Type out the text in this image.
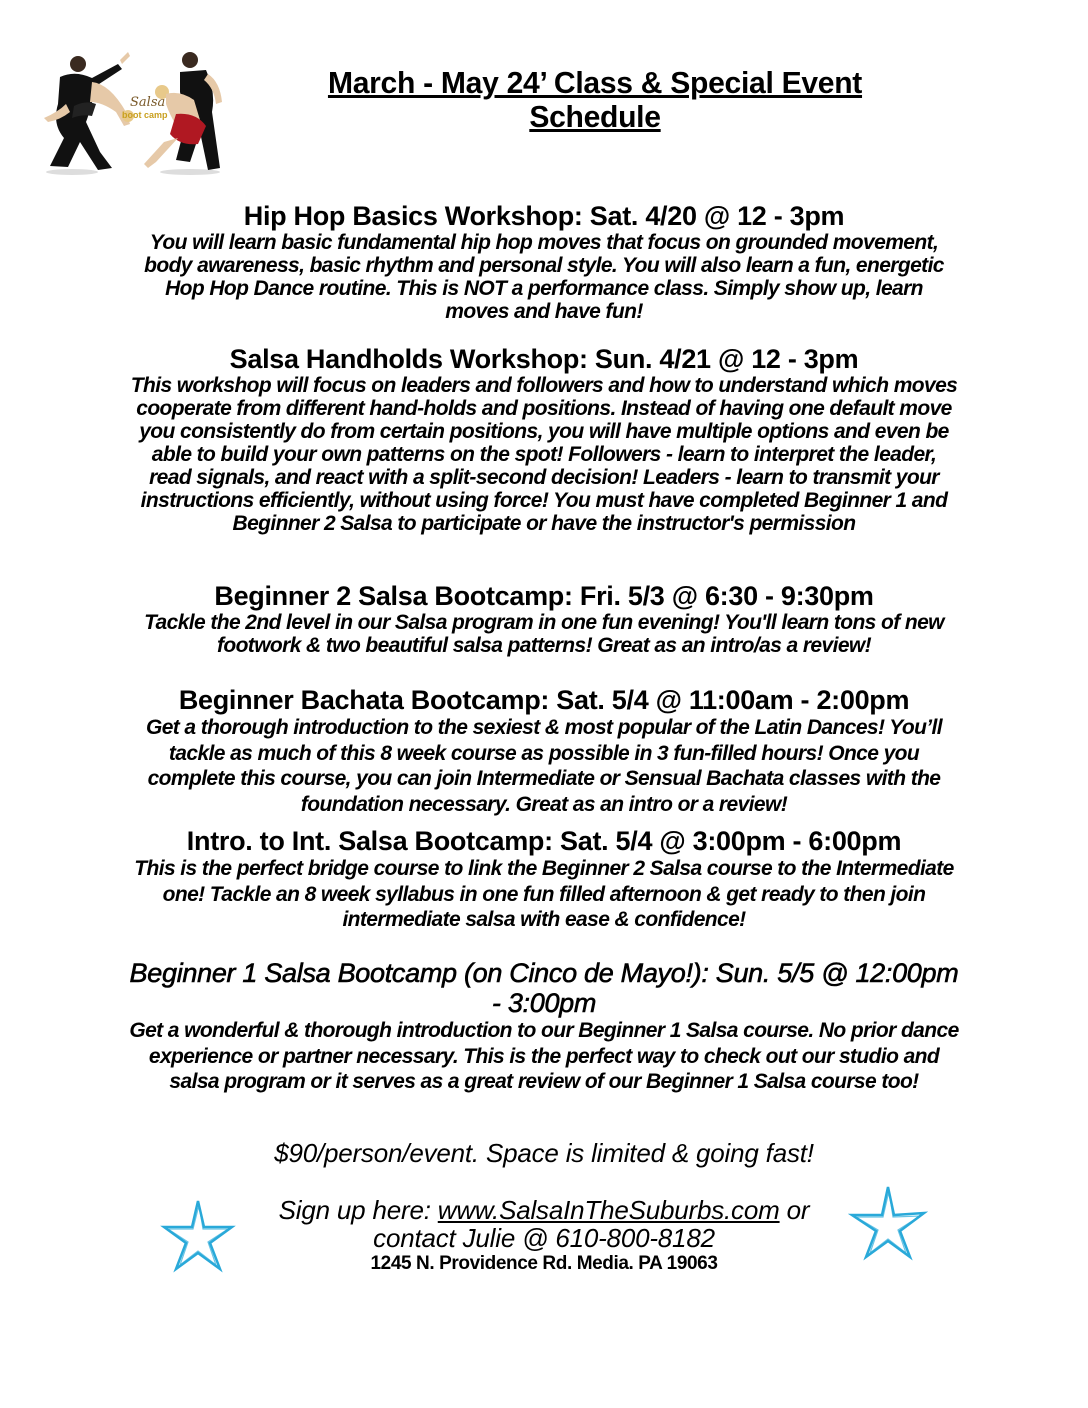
Salsa
boot camp
March - May 24’ Class & Special Event
Schedule
Hip Hop Basics Workshop: Sat. 4/20 @ 12 - 3pm
You will learn basic fundamental hip hop moves that focus on grounded movement, body awareness, basic rhythm and personal style. You will also learn a fun, energetic Hop Hop Dance routine. This is NOT a performance class. Simply show up, learn moves and have fun!
Salsa Handholds Workshop: Sun. 4/21 @ 12 - 3pm
This workshop will focus on leaders and followers and how to understand which moves cooperate from different hand-holds and positions. Instead of having one default move you consistently do from certain positions, you will have multiple options and even be able to build your own patterns on the spot! Followers - learn to interpret the leader, read signals, and react with a split-second decision! Leaders - learn to transmit your instructions efficiently, without using force! You must have completed Beginner 1 and Beginner 2 Salsa to participate or have the instructor's permission
Beginner 2 Salsa Bootcamp: Fri. 5/3 @ 6:30 - 9:30pm
Tackle the 2nd level in our Salsa program in one fun evening! You'll learn tons of new footwork & two beautiful salsa patterns! Great as an intro/as a review!
Beginner Bachata Bootcamp: Sat. 5/4 @ 11:00am - 2:00pm
Get a thorough introduction to the sexiest & most popular of the Latin Dances! You’ll tackle as much of this 8 week course as possible in 3 fun-filled hours! Once you complete this course, you can join Intermediate or Sensual Bachata classes with the foundation necessary. Great as an intro or a review!
Intro. to Int. Salsa Bootcamp: Sat. 5/4 @ 3:00pm - 6:00pm
This is the perfect bridge course to link the Beginner 2 Salsa course to the Intermediate one! Tackle an 8 week syllabus in one fun filled afternoon & get ready to then join intermediate salsa with ease & confidence!
Beginner 1 Salsa Bootcamp (on Cinco de Mayo!): Sun. 5/5 @ 12:00pm - 3:00pm
Get a wonderful & thorough introduction to our Beginner 1 Salsa course. No prior dance experience or partner necessary. This is the perfect way to check out our studio and salsa program or it serves as a great review of our Beginner 1 Salsa course too!
$90/person/event. Space is limited & going fast!
Sign up here: www.SalsaInTheSuburbs.com or
contact Julie @ 610-800-8182
1245 N. Providence Rd. Media. PA 19063
